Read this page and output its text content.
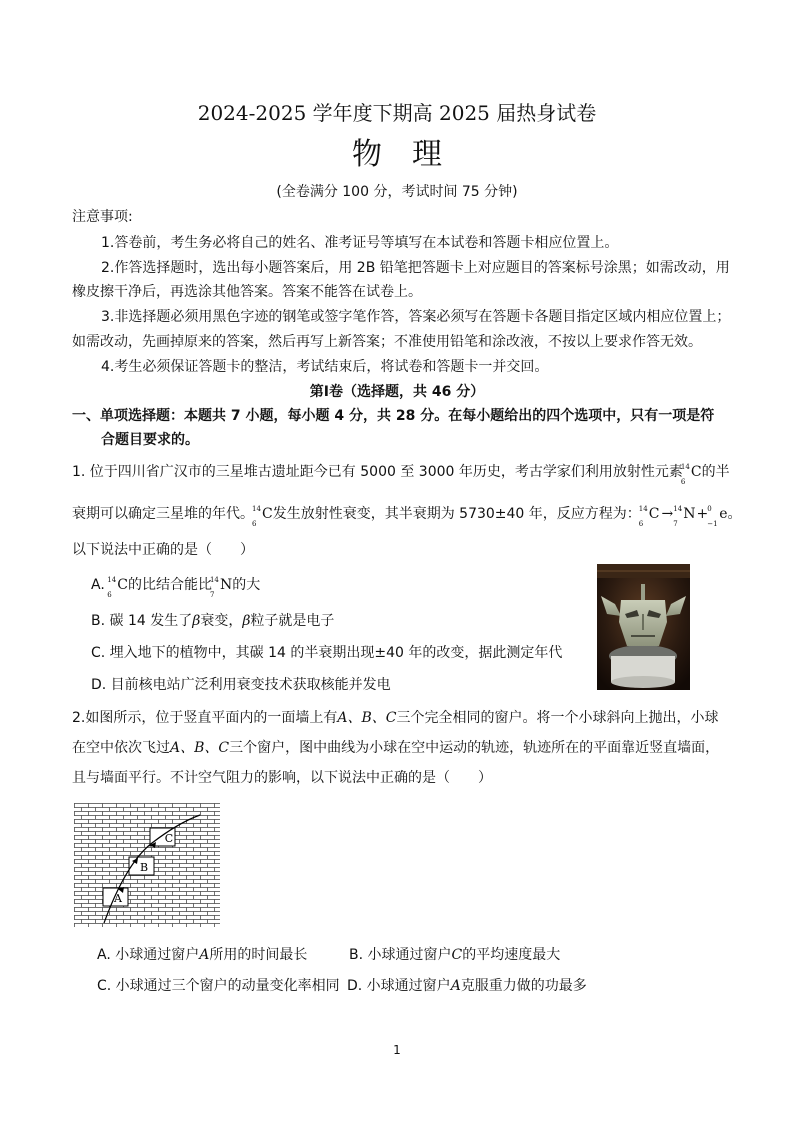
2024-2025 学年度下期高 2025 届热身试卷
物　理
(全卷满分 100 分，考试时间 75 分钟)
注意事项:
1.答卷前，考生务必将自己的姓名、准考证号等填写在本试卷和答题卡相应位置上。
2.作答选择题时，选出每小题答案后，用 2B 铅笔把答题卡上对应题目的答案标号涂黑；如需改动，用
橡皮擦干净后，再选涂其他答案。答案不能答在试卷上。
3.非选择题必须用黑色字迹的钢笔或签字笔作答，答案必须写在答题卡各题目指定区域内相应位置上；
如需改动，先画掉原来的答案，然后再写上新答案；不准使用铅笔和涂改液，不按以上要求作答无效。
4.考生必须保证答题卡的整洁，考试结束后，将试卷和答题卡一并交回。
第Ⅰ卷（选择题，共 46 分）
一、单项选择题：本题共 7 小题，每小题 4 分，共 28 分。在每小题给出的四个选项中，只有一项是符
合题目要求的。
1. 位于四川省广汉市的三星堆古遗址距今已有 5000 至 3000 年历史，考古学家们利用放射性元素
14
6
C的半
衰期可以确定三星堆的年代。
14
6
C发生放射性衰变，其半衰期为 5730±40 年，反应方程为：
14
6
C → 14
7
N+ 0
−1
e。
以下说法中正确的是（　　）
A. 14
6
C的比结合能比
14
7
N的大
B. 碳 14 发生了β衰变，β粒子就是电子
C. 埋入地下的植物中，其碳 14 的半衰期出现±40 年的改变，据此测定年代
D. 目前核电站广泛利用衰变技术获取核能并发电
2.如图所示，位于竖直平面内的一面墙上有A、B、C三个完全相同的窗户。将一个小球斜向上抛出，小球
在空中依次飞过A、B、C三个窗户，图中曲线为小球在空中运动的轨迹，轨迹所在的平面靠近竖直墙面，
且与墙面平行。不计空气阻力的影响，以下说法中正确的是（　　）
A
B
C
A. 小球通过窗户A所用的时间最长	B. 小球通过窗户C的平均速度最大
C. 小球通过三个窗户的动量变化率相同 D. 小球通过窗户A克服重力做的功最多
1
